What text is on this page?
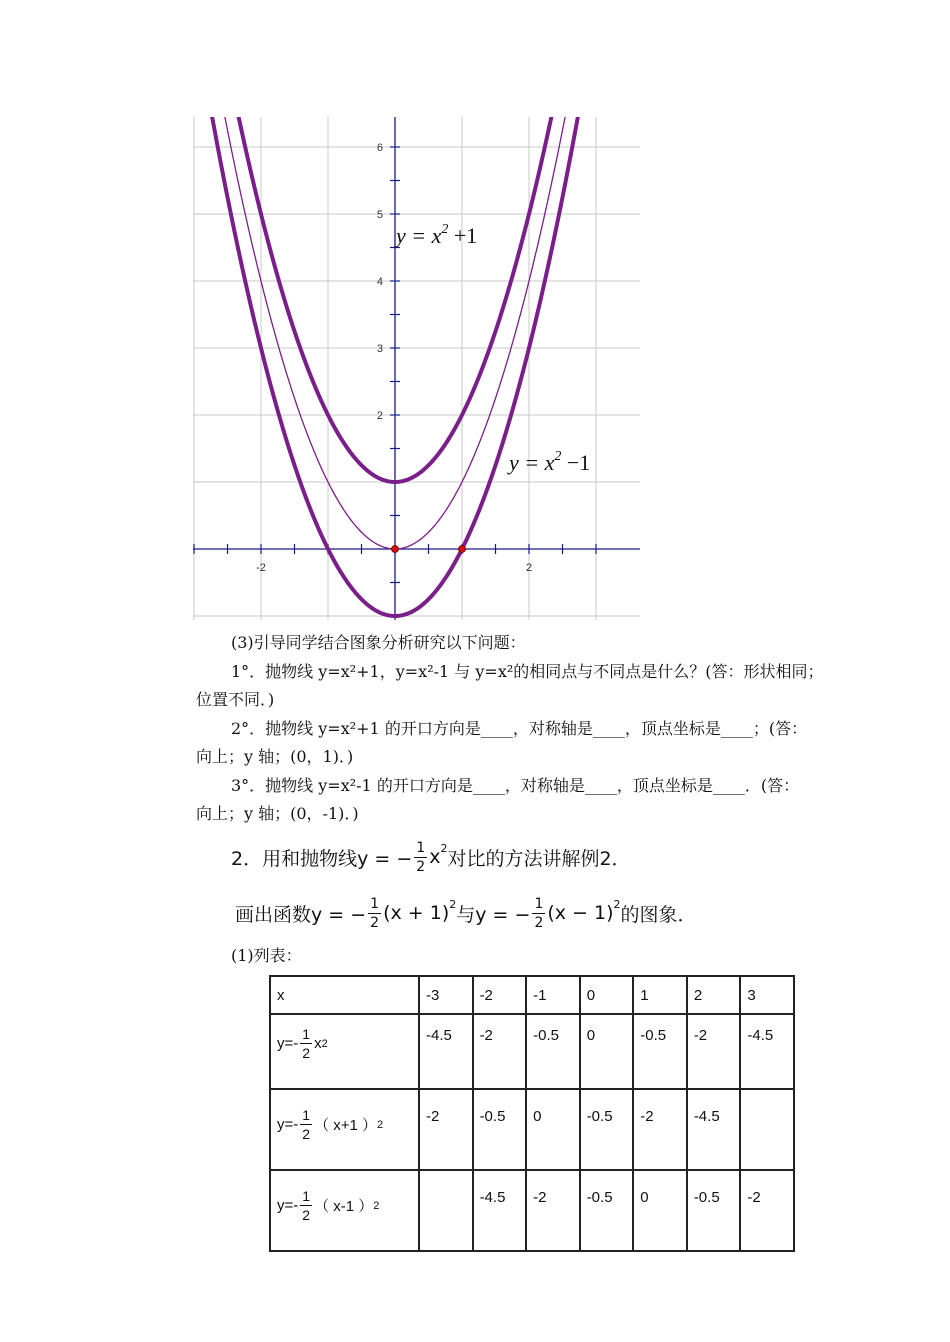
-2	2
2
3
4
5
6
$y = x^2 +1$
$y = x^2 -1$
(3)引导同学结合图象分析研究以下问题：
1°．抛物线 y=x²+1，y=x²-1 与 y=x²的相同点与不同点是什么？(答：形状相同；
位置不同．)
2°．抛物线 y=x²+1 的开口方向是____，对称轴是____，顶点坐标是____；(答：
向上；y 轴；(0，1)．)
3°．抛物线 y=x²-1 的开口方向是____，对称轴是____，顶点坐标是____．(答：
向上；y 轴；(0，-1)．)
2．用和抛物线y = − $\frac{1}{2} x^2$ 对比的方法讲解例2．
画出函数y = − $\frac{1}{2} (x + 1)^2$ 与y = − $\frac{1}{2} (x - 1)^2$ 的图象．
(1)列表：
x	-3	-2	-1	0	1	2	3

$y=- \frac{1}{2}$ x 2	-4.5	-2	-0.5	0	-0.5	-2	-4.5

$y=- \frac{1}{2}$ （ x+1 ） 2	-2	-0.5	0	-0.5	-2	-4.5	

$y=- \frac{1}{2}$ （ x-1 ） 2		-4.5	-2	-0.5	0	-0.5	-2
